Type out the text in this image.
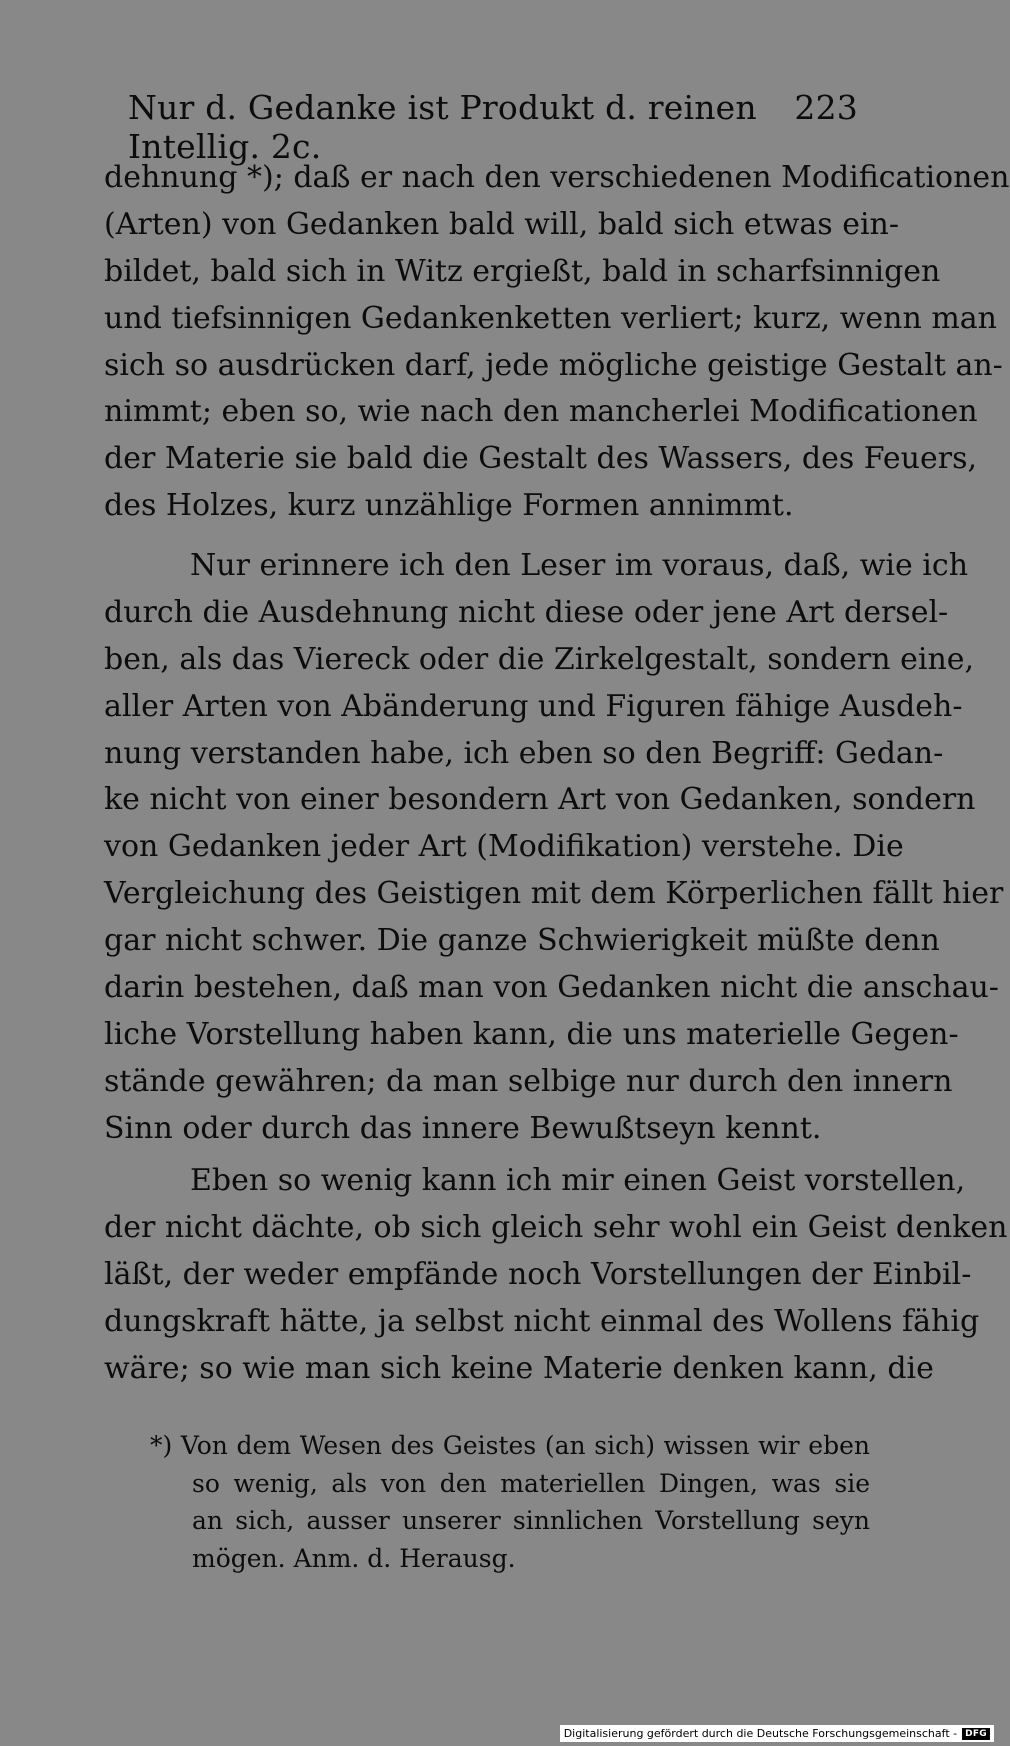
Nur d. Gedanke ist Produkt d. reinen Intellig. 2c.
223
dehnung *); daß er nach den verschiedenen Modificationen
(Arten) von Gedanken bald will, bald sich etwas ein-
bildet, bald sich in Witz ergießt, bald in scharfsinnigen
und tiefsinnigen Gedankenketten verliert; kurz, wenn man
sich so ausdrücken darf, jede mögliche geistige Gestalt an-
nimmt; eben so, wie nach den mancherlei Modificationen
der Materie sie bald die Gestalt des Wassers, des Feuers,
des Holzes, kurz unzählige Formen annimmt.
Nur erinnere ich den Leser im voraus, daß, wie ich
durch die Ausdehnung nicht diese oder jene Art dersel-
ben, als das Viereck oder die Zirkelgestalt, sondern eine,
aller Arten von Abänderung und Figuren fähige Ausdeh-
nung verstanden habe, ich eben so den Begriff: Gedan-
ke nicht von einer besondern Art von Gedanken, sondern
von Gedanken jeder Art (Modifikation) verstehe. Die
Vergleichung des Geistigen mit dem Körperlichen fällt hier
gar nicht schwer. Die ganze Schwierigkeit müßte denn
darin bestehen, daß man von Gedanken nicht die anschau-
liche Vorstellung haben kann, die uns materielle Gegen-
stände gewähren; da man selbige nur durch den innern
Sinn oder durch das innere Bewußtseyn kennt.
Eben so wenig kann ich mir einen Geist vorstellen,
der nicht dächte, ob sich gleich sehr wohl ein Geist denken
läßt, der weder empfände noch Vorstellungen der Einbil-
dungskraft hätte, ja selbst nicht einmal des Wollens fähig
wäre; so wie man sich keine Materie denken kann, die
*) Von dem Wesen des Geistes (an sich) wissen wir eben
so wenig, als von den materiellen Dingen, was sie
an sich, ausser unserer sinnlichen Vorstellung seyn
mögen. Anm. d. Herausg.
Digitalisierung gefördert durch die Deutsche Forschungsgemeinschaft - DFG
